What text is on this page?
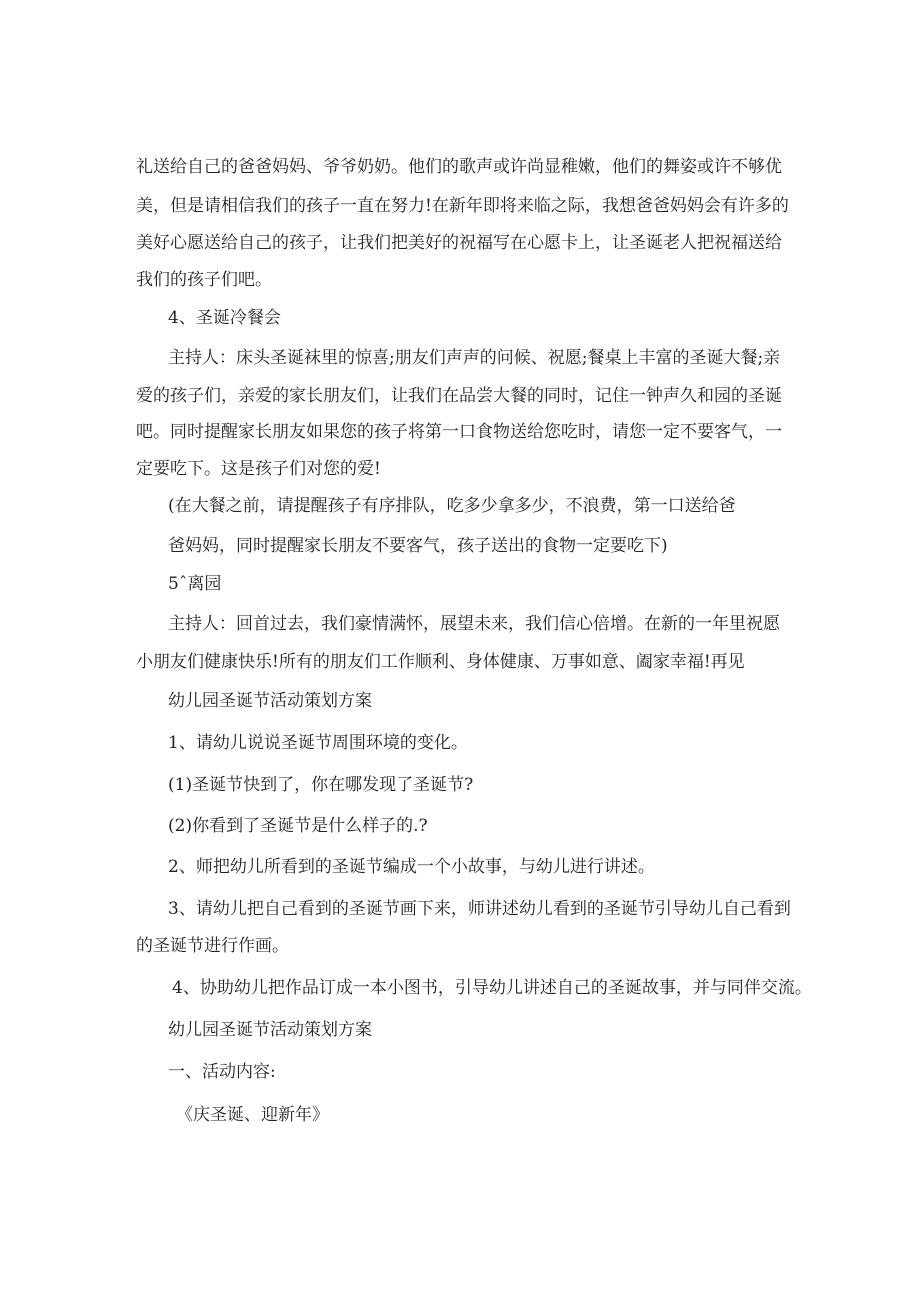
礼送给自己的爸爸妈妈、爷爷奶奶。他们的歌声或许尚显稚嫩，他们的舞姿或许不够优
美，但是请相信我们的孩子一直在努力!在新年即将来临之际，我想爸爸妈妈会有许多的
美好心愿送给自己的孩子，让我们把美好的祝福写在心愿卡上，让圣诞老人把祝福送给
我们的孩子们吧。
4、圣诞冷餐会
主持人：床头圣诞袜里的惊喜;朋友们声声的问候、祝愿;餐桌上丰富的圣诞大餐;亲
爱的孩子们，亲爱的家长朋友们，让我们在品尝大餐的同时，记住一钟声久和园的圣诞
吧。同时提醒家长朋友如果您的孩子将第一口食物送给您吃时，请您一定不要客气，一
定要吃下。这是孩子们对您的爱!
(在大餐之前，请提醒孩子有序排队，吃多少拿多少，不浪费，第一口送给爸
爸妈妈，同时提醒家长朋友不要客气，孩子送出的食物一定要吃下)
5ˆ离园
主持人：回首过去，我们豪情满怀，展望未来，我们信心倍增。在新的一年里祝愿
小朋友们健康快乐!所有的朋友们工作顺利、身体健康、万事如意、阖家幸福!再见
幼儿园圣诞节活动策划方案
1、请幼儿说说圣诞节周围环境的变化。
(1)圣诞节快到了，你在哪发现了圣诞节?
(2)你看到了圣诞节是什么样子的.?
2、师把幼儿所看到的圣诞节编成一个小故事，与幼儿进行讲述。
3、请幼儿把自己看到的圣诞节画下来，师讲述幼儿看到的圣诞节引导幼儿自己看到
的圣诞节进行作画。
4、协助幼儿把作品订成一本小图书，引导幼儿讲述自己的圣诞故事，并与同伴交流。
幼儿园圣诞节活动策划方案
一、活动内容:
《庆圣诞、迎新年》
